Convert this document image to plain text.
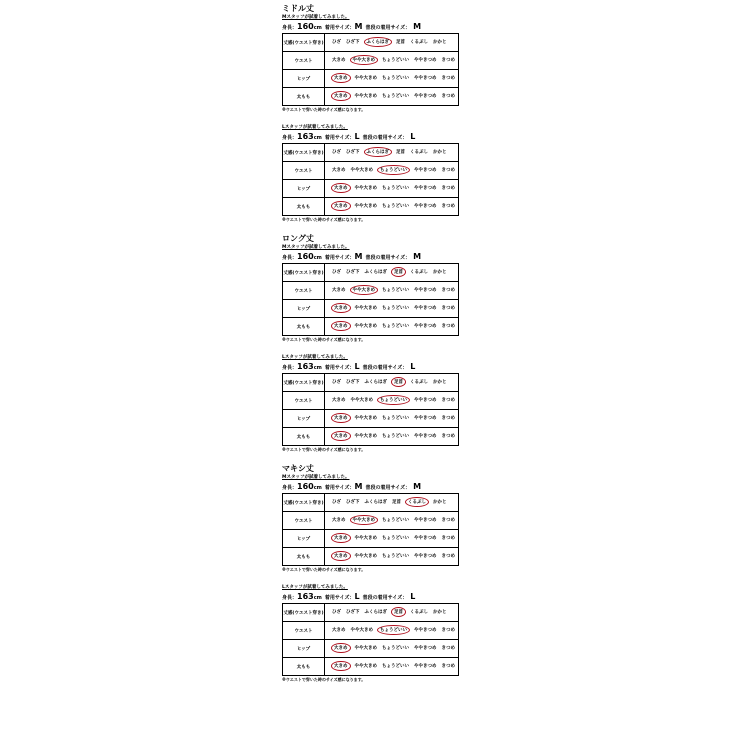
ミドル丈
Mスタッフが試着してみました。
身長：160cm 着用サイズ：M 普段の着用サイズ： M
丈感(ウエスト穿き)	ひざ ひざ下 ふくらはぎ 足首 くるぶし かかと
ウエスト	大きめ やや大きめ ちょうどいい ややきつめ きつめ
ヒップ	大きめ やや大きめ ちょうどいい ややきつめ きつめ
太もも	大きめ やや大きめ ちょうどいい ややきつめ きつめ
※ウエストで穿いた時のサイズ感になります。
Lスタッフが試着してみました。
身長：163cm 着用サイズ：L 普段の着用サイズ： L
丈感(ウエスト穿き)	ひざ ひざ下 ふくらはぎ 足首 くるぶし かかと
ウエスト	大きめ やや大きめ ちょうどいい ややきつめ きつめ
ヒップ	大きめ やや大きめ ちょうどいい ややきつめ きつめ
太もも	大きめ やや大きめ ちょうどいい ややきつめ きつめ
※ウエストで穿いた時のサイズ感になります。
ロング丈
Mスタッフが試着してみました。
身長：160cm 着用サイズ：M 普段の着用サイズ： M
丈感(ウエスト穿き)	ひざ ひざ下 ふくらはぎ 足首 くるぶし かかと
ウエスト	大きめ やや大きめ ちょうどいい ややきつめ きつめ
ヒップ	大きめ やや大きめ ちょうどいい ややきつめ きつめ
太もも	大きめ やや大きめ ちょうどいい ややきつめ きつめ
※ウエストで穿いた時のサイズ感になります。
Lスタッフが試着してみました。
身長：163cm 着用サイズ：L 普段の着用サイズ： L
丈感(ウエスト穿き)	ひざ ひざ下 ふくらはぎ 足首 くるぶし かかと
ウエスト	大きめ やや大きめ ちょうどいい ややきつめ きつめ
ヒップ	大きめ やや大きめ ちょうどいい ややきつめ きつめ
太もも	大きめ やや大きめ ちょうどいい ややきつめ きつめ
※ウエストで穿いた時のサイズ感になります。
マキシ丈
Mスタッフが試着してみました。
身長：160cm 着用サイズ：M 普段の着用サイズ： M
丈感(ウエスト穿き)	ひざ ひざ下 ふくらはぎ 足首 くるぶし かかと
ウエスト	大きめ やや大きめ ちょうどいい ややきつめ きつめ
ヒップ	大きめ やや大きめ ちょうどいい ややきつめ きつめ
太もも	大きめ やや大きめ ちょうどいい ややきつめ きつめ
※ウエストで穿いた時のサイズ感になります。
Lスタッフが試着してみました。
身長：163cm 着用サイズ：L 普段の着用サイズ： L
丈感(ウエスト穿き)	ひざ ひざ下 ふくらはぎ 足首 くるぶし かかと
ウエスト	大きめ やや大きめ ちょうどいい ややきつめ きつめ
ヒップ	大きめ やや大きめ ちょうどいい ややきつめ きつめ
太もも	大きめ やや大きめ ちょうどいい ややきつめ きつめ
※ウエストで穿いた時のサイズ感になります。
